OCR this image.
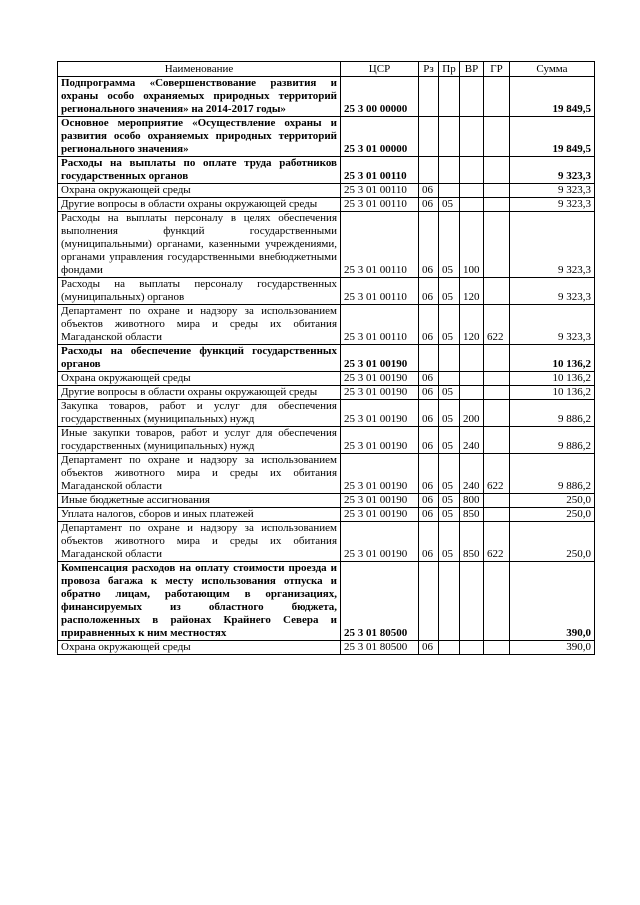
Наименование	ЦСР	Рз	Пр	ВР	ГР	Сумма
Подпрограмма «Совершенствование развития и охраны особо охраняемых природных территорий регионального значения» на 2014-2017 годы»	25 3 00 00000					19 849,5
Основное мероприятие «Осуществление охраны и развития особо охраняемых природных территорий регионального значения»	25 3 01 00000					19 849,5
Расходы на выплаты по оплате труда работников государственных органов	25 3 01 00110					9 323,3
Охрана окружающей среды	25 3 01 00110	06				9 323,3
Другие вопросы в области охраны окружающей среды	25 3 01 00110	06	05			9 323,3
Расходы на выплаты персоналу в целях обеспечения выполнения функций государственными (муниципальными) органами, казенными учреждениями, органами управления государственными внебюджетными фондами	25 3 01 00110	06	05	100		9 323,3
Расходы на выплаты персоналу государственных (муниципальных) органов	25 3 01 00110	06	05	120		9 323,3
Департамент по охране и надзору за использованием объектов животного мира и среды их обитания Магаданской области	25 3 01 00110	06	05	120	622	9 323,3
Расходы на обеспечение функций государственных органов	25 3 01 00190					10 136,2
Охрана окружающей среды	25 3 01 00190	06				10 136,2
Другие вопросы в области охраны окружающей среды	25 3 01 00190	06	05			10 136,2
Закупка товаров, работ и услуг для обеспечения государственных (муниципальных) нужд	25 3 01 00190	06	05	200		9 886,2
Иные закупки товаров, работ и услуг для обеспечения государственных (муниципальных) нужд	25 3 01 00190	06	05	240		9 886,2
Департамент по охране и надзору за использованием объектов животного мира и среды их обитания Магаданской области	25 3 01 00190	06	05	240	622	9 886,2
Иные бюджетные ассигнования	25 3 01 00190	06	05	800		250,0
Уплата налогов, сборов и иных платежей	25 3 01 00190	06	05	850		250,0
Департамент по охране и надзору за использованием объектов животного мира и среды их обитания Магаданской области	25 3 01 00190	06	05	850	622	250,0
Компенсация расходов на оплату стоимости проезда и провоза багажа к месту использования отпуска и обратно лицам, работающим в организациях, финансируемых из областного бюджета, расположенных в районах Крайнего Севера и приравненных к ним местностях	25 3 01 80500					390,0
Охрана окружающей среды	25 3 01 80500	06				390,0
